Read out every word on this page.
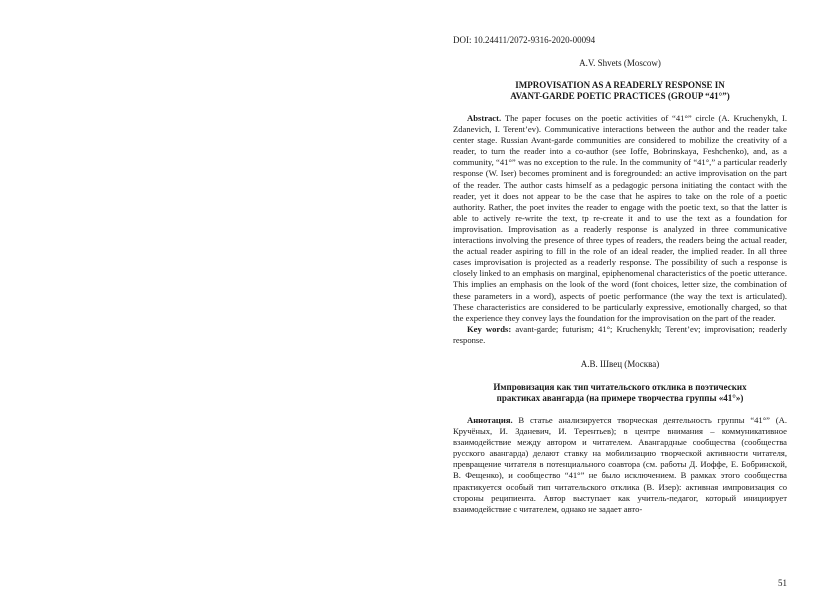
DOI: 10.24411/2072-9316-2020-00094

A.V. Shvets (Moscow)

IMPROVISATION AS A READERLY RESPONSE IN
AVANT-GARDE POETIC PRACTICES (GROUP “41°”)

Abstract. The paper focuses on the poetic activities of “41°” circle (A. Kruchenykh, I. Zdanevich, I. Terent’ev). Communicative interactions between the author and the reader take center stage. Russian Avant-garde communities are considered to mobilize the creativity of a reader, to turn the reader into a co-author (see Ioffe, Bobrinskaya, Feshchenko), and, as a community, “41°” was no exception to the rule. In the community of “41°,” a particular readerly response (W. Iser) becomes prominent and is foregrounded: an active improvisation on the part of the reader. The author casts himself as a pedagogic persona initiating the contact with the reader, yet it does not appear to be the case that he aspires to take on the role of a poetic authority. Rather, the poet invites the reader to engage with the poetic text, so that the latter is able to actively re-write the text, tp re-create it and to use the text as a foundation for improvisation. Improvisation as a readerly response is analyzed in three communicative interactions involving the presence of three types of readers, the readers being the actual reader, the actual reader aspiring to fill in the role of an ideal reader, the implied reader. In all three cases improvisation is projected as a readerly response. The possibility of such a response is closely linked to an emphasis on marginal, epiphenomenal characteristics of the poetic utterance. This implies an emphasis on the look of the word (font choices, letter size, the combination of these parameters in a word), aspects of poetic performance (the way the text is articulated). These characteristics are considered to be particularly expressive, emotionally charged, so that the experience they convey lays the foundation for the improvisation on the part of the reader.

Key words: avant-garde; futurism; 41°; Kruchenykh; Terent’ev; improvisation; readerly response.

А.В. Швец (Москва)

Импровизация как тип читательского отклика в поэтических
практиках авангарда (на примере творчества группы «41°»)

Аннотация. В статье анализируется творческая деятельность группы “41°” (А. Кручёных, И. Зданевич, И. Терентьев); в центре внимания – коммуникативное взаимодействие между автором и читателем. Авангардные сообщества (сообщества русского авангарда) делают ставку на мобилизацию творческой активности читателя, превращение читателя в потенциального соавтора (см. работы Д. Иоффе, Е. Бобринской, В. Фещенко), и сообщество “41°” не было исключением. В рамках этого сообщества практикуется особый тип читательского отклика (В. Изер): активная импровизация со стороны реципиента. Автор выступает как учитель-педагог, который инициирует взаимодействие с читателем, однако не задает авто-

51
